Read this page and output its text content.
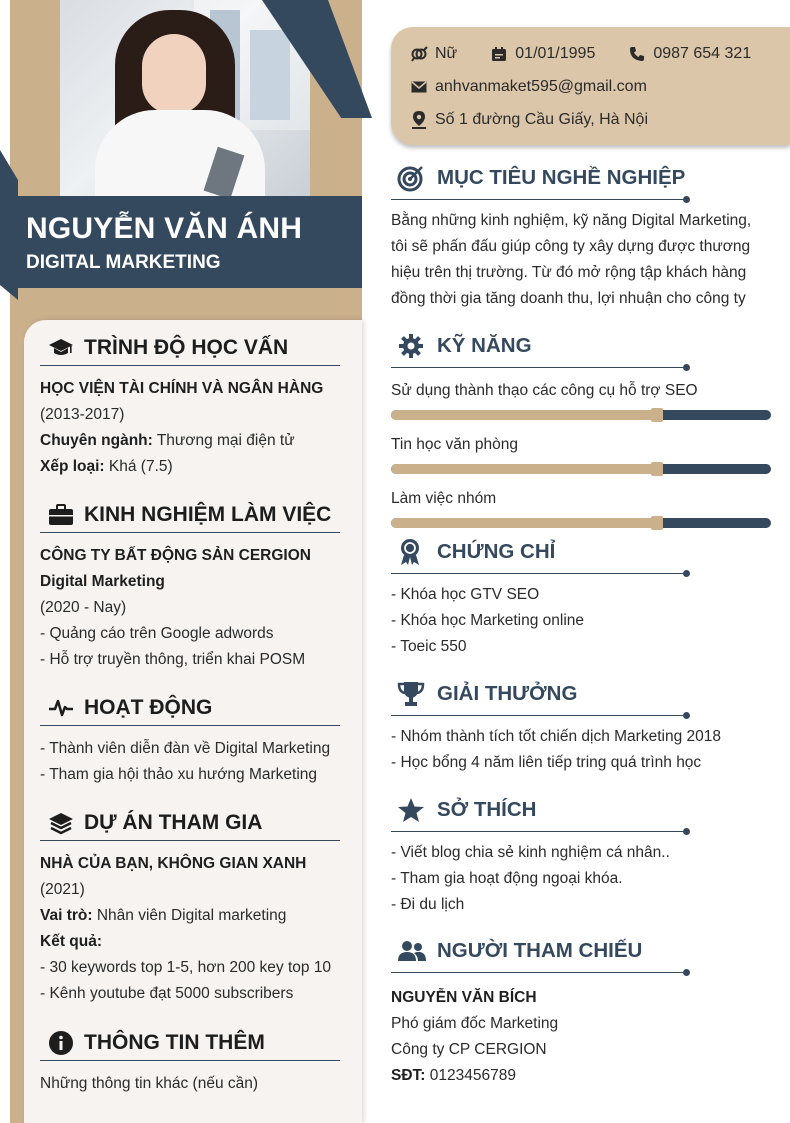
NGUYỄN VĂN ÁNH
DIGITAL MARKETING
TRÌNH ĐỘ HỌC VẤN
HỌC VIỆN TÀI CHÍNH VÀ NGÂN HÀNG
(2013-2017)
Chuyên ngành: Thương mại điện tử
Xếp loại: Khá (7.5)
KINH NGHIỆM LÀM VIỆC
CÔNG TY BẤT ĐỘNG SẢN CERGION
Digital Marketing
(2020 - Nay)
- Quảng cáo trên Google adwords
- Hỗ trợ truyền thông, triển khai POSM
HOẠT ĐỘNG
- Thành viên diễn đàn về Digital Marketing
- Tham gia hội thảo xu hướng Marketing
DỰ ÁN THAM GIA
NHÀ CỦA BẠN, KHÔNG GIAN XANH
(2021)
Vai trò: Nhân viên Digital marketing
Kết quả:
- 30 keywords top 1-5, hơn 200 key top 10
- Kênh youtube đạt 5000 subscribers
THÔNG TIN THÊM
Những thông tin khác (nếu cần)
Nữ	01/01/1995	0987 654 321
anhvanmaket595@gmail.com
Số 1 đường Cầu Giấy, Hà Nội
MỤC TIÊU NGHỀ NGHIỆP
Bằng những kinh nghiệm, kỹ năng Digital Marketing,
tôi sẽ phấn đấu giúp công ty xây dựng được thương
hiệu trên thị trường. Từ đó mở rộng tập khách hàng
đồng thời gia tăng doanh thu, lợi nhuận cho công ty
KỸ NĂNG
Sử dụng thành thạo các công cụ hỗ trợ SEO
Tin học văn phòng
Làm việc nhóm
CHỨNG CHỈ
- Khóa học GTV SEO
- Khóa học Marketing online
- Toeic 550
GIẢI THƯỞNG
- Nhóm thành tích tốt chiến dịch Marketing 2018
- Học bổng 4 năm liên tiếp tring quá trình học
SỞ THÍCH
- Viết blog chia sẻ kinh nghiệm cá nhân..
- Tham gia hoạt động ngoại khóa.
- Đi du lịch
NGƯỜI THAM CHIẾU
NGUYỄN VĂN BÍCH
Phó giám đốc Marketing
Công ty CP CERGION
SĐT: 0123456789
